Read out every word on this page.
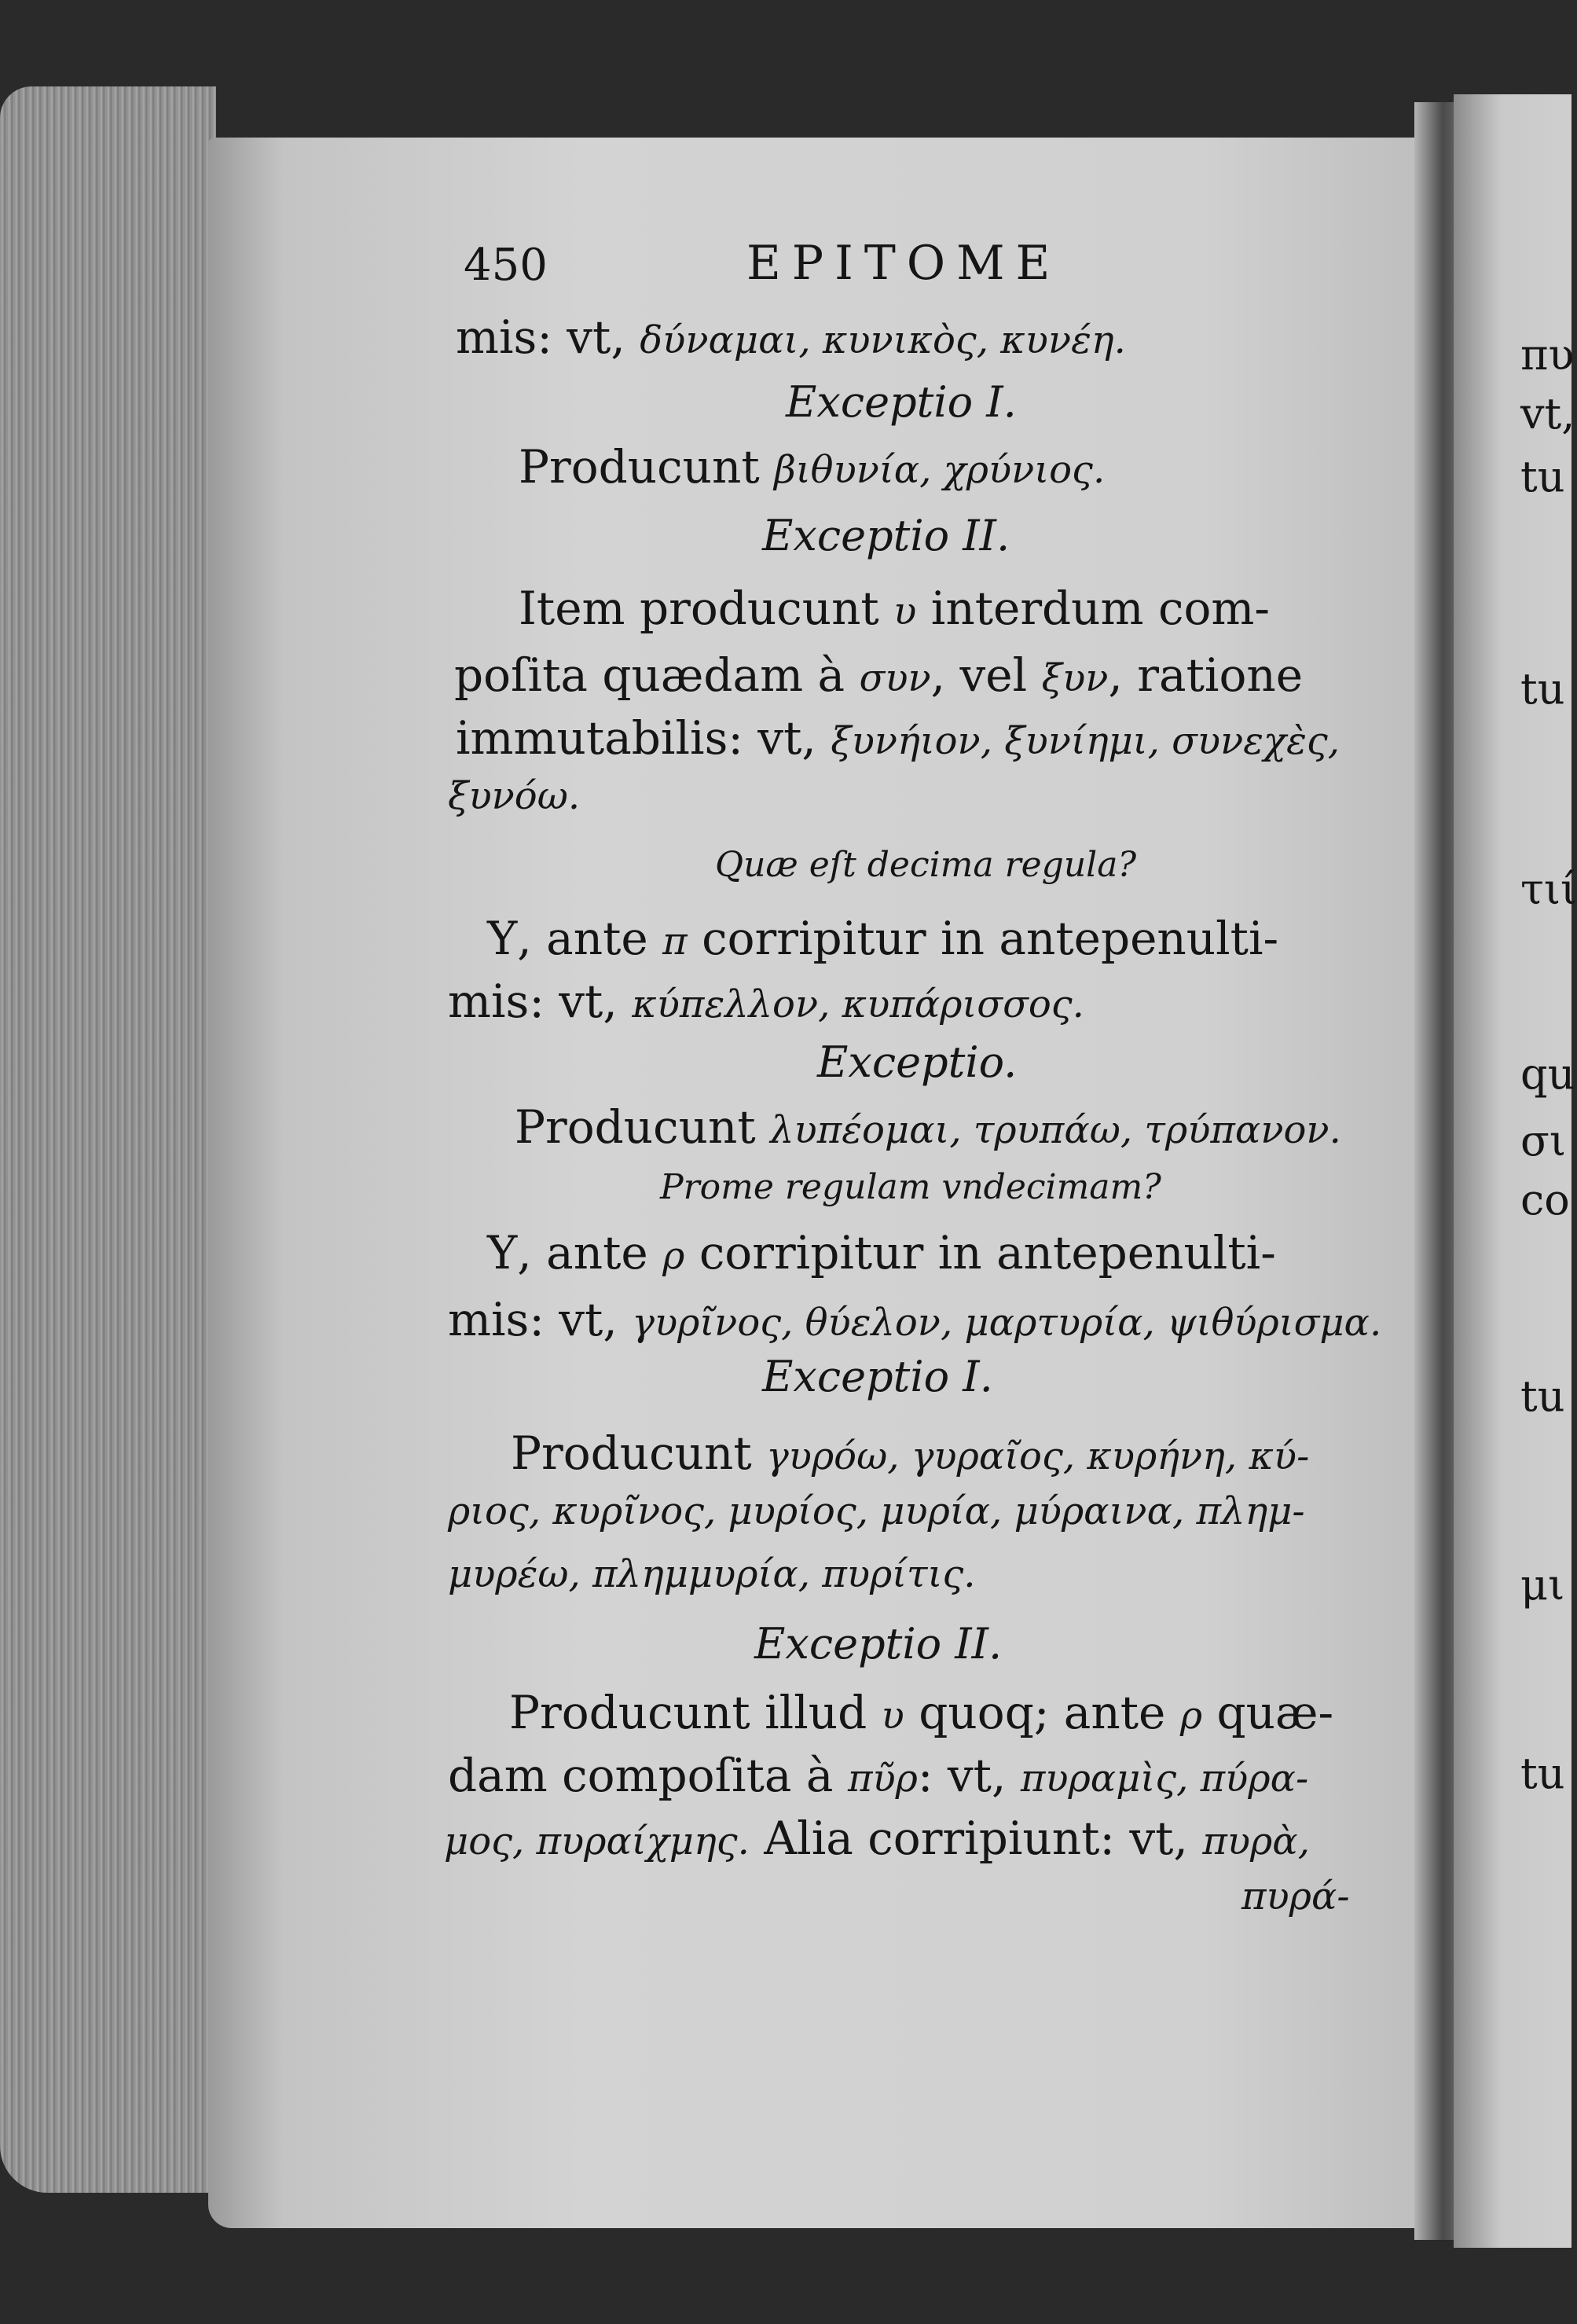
450	EPITOME
mis: vt, δύναμαι, κυνικὸς, κυνέη.
Exceptio I.
Producunt βιθυνία, χρύνιος.
Exceptio II.
Item producunt υ interdum com-
poſita quædam à συν, vel ξυν, ratione
immutabilis: vt, ξυνήιον, ξυνίημι, συνεχὲς,
ξυνόω.
Quæ eſt decima regula?
Υ, ante π corripitur in antepenulti-
mis: vt, κύπελλον, κυπάρισσος.
Exceptio.
Producunt λυπέομαι, τρυπάω, τρύπανον.
Prome regulam vndecimam?
Υ, ante ρ corripitur in antepenulti-
mis: vt, γυρῖνος, θύελον, μαρτυρία, ψιθύρισμα.
Exceptio I.
Producunt γυρόω, γυραῖος, κυρήνη, κύ-
ριος, κυρῖνος, μυρίος, μυρία, μύραινα, πλημ-
μυρέω, πλημμυρία, πυρίτις.
Exceptio II.
Producunt illud υ quoq; ante ρ quæ-
dam compoſita à πῦρ: vt, πυραμὶς, πύρα-
μος, πυραίχμης. Alia corripiunt: vt, πυρὰ,
πυρά-
πυ
vt,
tu
tu
τιί
qu
σι
co
tu
μι
tu
